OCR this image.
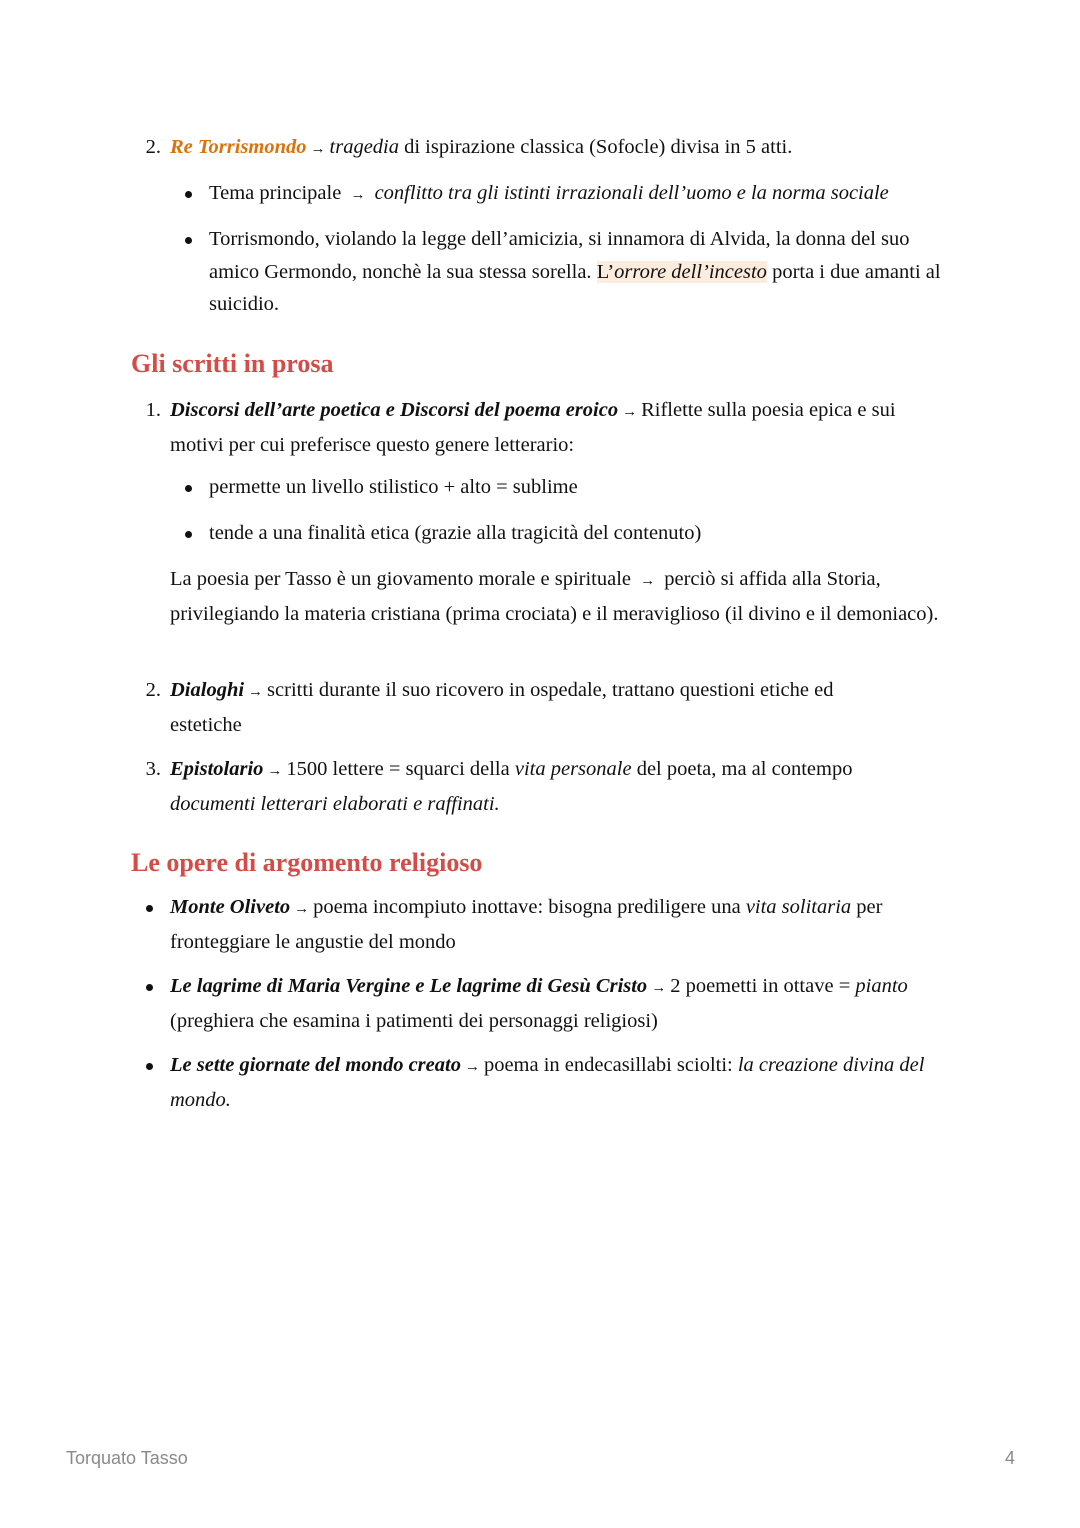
2. Re Torrismondo → tragedia di ispirazione classica (Sofocle) divisa in 5 atti.
Tema principale → conflitto tra gli istinti irrazionali dell’uomo e la norma sociale
Torrismondo, violando la legge dell’amicizia, si innamora di Alvida, la donna del suo amico Germondo, nonchè la sua stessa sorella. L’orrore dell’incesto porta i due amanti al suicidio.
Gli scritti in prosa
1. Discorsi dell’arte poetica e Discorsi del poema eroico → Riflette sulla poesia epica e sui motivi per cui preferisce questo genere letterario:
permette un livello stilistico + alto = sublime
tende a una finalità etica (grazie alla tragicità del contenuto)
La poesia per Tasso è un giovamento morale e spirituale → perciò si affida alla Storia, privilegiando la materia cristiana (prima crociata) e il meraviglioso (il divino e il demoniaco).
2. Dialoghi → scritti durante il suo ricovero in ospedale, trattano questioni etiche ed estetiche
3. Epistolario → 1500 lettere = squarci della vita personale del poeta, ma al contempo documenti letterari elaborati e raffinati.
Le opere di argomento religioso
Monte Oliveto → poema incompiuto inottave: bisogna prediligere una vita solitaria per fronteggiare le angustie del mondo
Le lagrime di Maria Vergine e Le lagrime di Gesù Cristo → 2 poemetti in ottave = pianto (preghiera che esamina i patimenti dei personaggi religiosi)
Le sette giornate del mondo creato → poema in endecasillabi sciolti: la creazione divina del mondo.
Torquato Tasso	4
